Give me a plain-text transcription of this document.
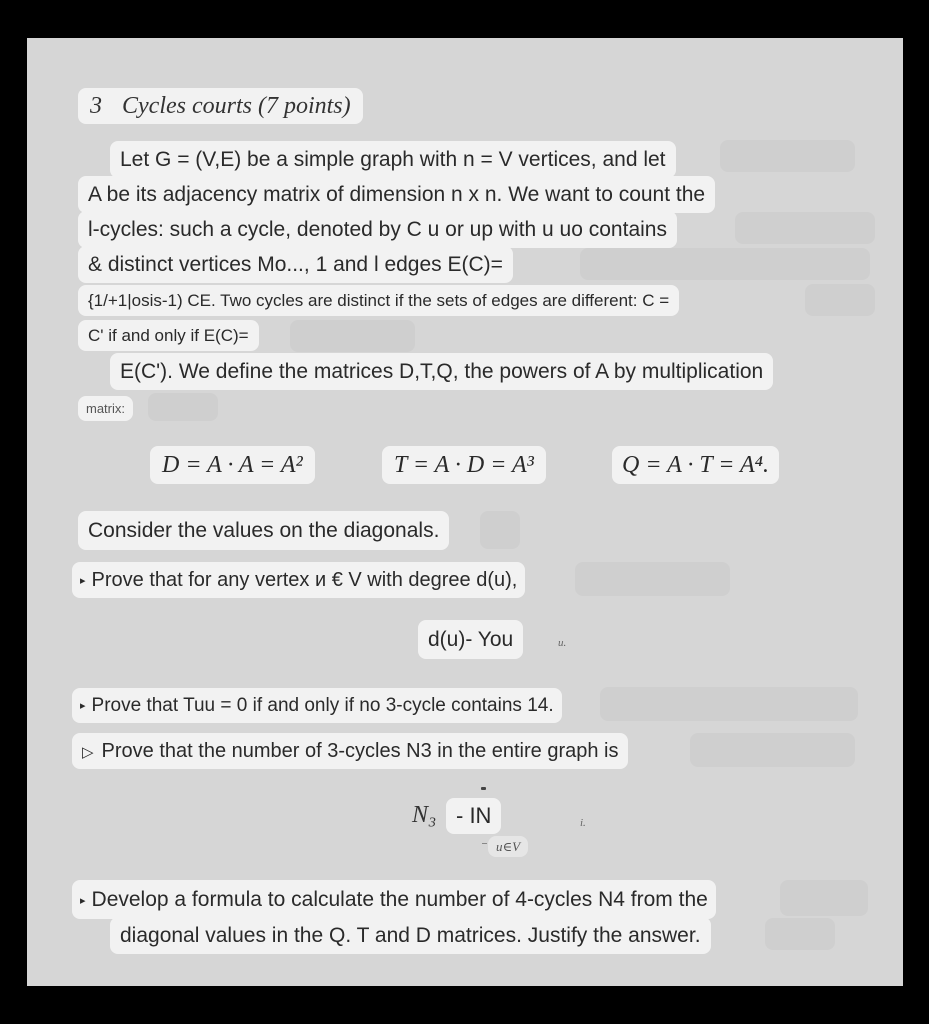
3 Cycles courts (7 points)
Let G = (V,E) be a simple graph with n = V vertices, and let
A be its adjacency matrix of dimension n x n. We want to count the
l-cycles: such a cycle, denoted by C u or up with u uo contains
& distinct vertices Mo..., 1 and l edges E(C)=
{1/+1|osis-1) CE. Two cycles are distinct if the sets of edges are different: C =
C' if and only if E(C)=
E(C'). We define the matrices D,T,Q, the powers of A by multiplication
matrix:
D = A · A = A²	T = A · D = A³	Q = A · T = A⁴.
Consider the values on the diagonals.
▸ Prove that for any vertex и € V with degree d(u),
d(u)- You	u.
▸ Prove that Tuu = 0 if and only if no 3-cycle contains 14.
▷ Prove that the number of 3-cycles N3 in the entire graph is
N₃ - IN
u∈V
i.
▸ Develop a formula to calculate the number of 4-cycles N4 from the
diagonal values in the Q. T and D matrices. Justify the answer.
